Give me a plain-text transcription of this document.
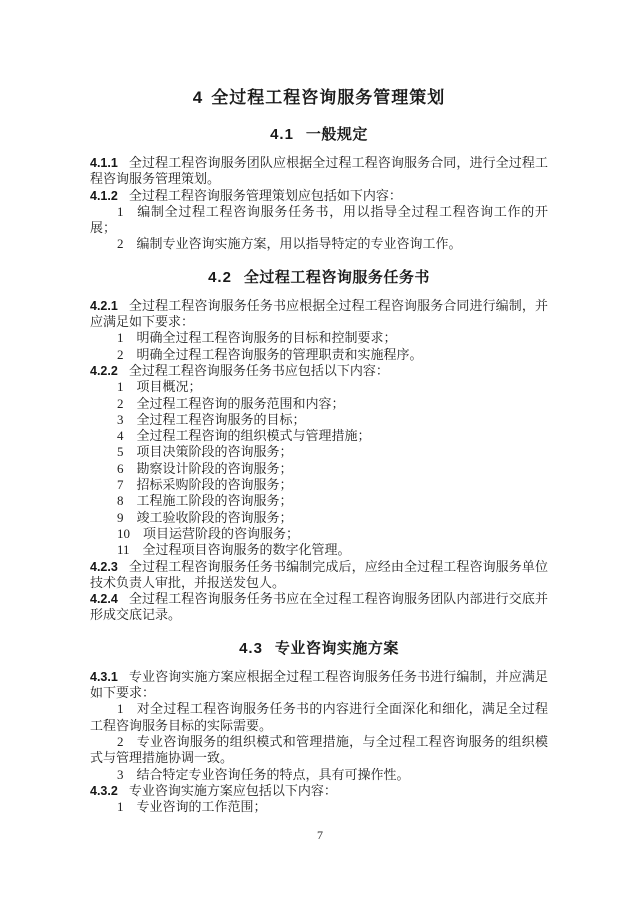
4 全过程工程咨询服务管理策划
4.1 一般规定

4.1.1 全过程工程咨询服务团队应根据全过程工程咨询服务合同，进行全过程工程咨询服务管理策划。

4.1.2 全过程工程咨询服务管理策划应包括如下内容：

1 编制全过程工程咨询服务任务书，用以指导全过程工程咨询工作的开展；

2 编制专业咨询实施方案，用以指导特定的专业咨询工作。

4.2 全过程工程咨询服务任务书

4.2.1 全过程工程咨询服务任务书应根据全过程工程咨询服务合同进行编制，并应满足如下要求：

1 明确全过程工程咨询服务的目标和控制要求；

2 明确全过程工程咨询服务的管理职责和实施程序。

4.2.2 全过程工程咨询服务任务书应包括以下内容：

1 项目概况；

2 全过程工程咨询的服务范围和内容；

3 全过程工程咨询服务的目标；

4 全过程工程咨询的组织模式与管理措施；

5 项目决策阶段的咨询服务；

6 勘察设计阶段的咨询服务；

7 招标采购阶段的咨询服务；

8 工程施工阶段的咨询服务；

9 竣工验收阶段的咨询服务；

10 项目运营阶段的咨询服务；

11 全过程项目咨询服务的数字化管理。

4.2.3 全过程工程咨询服务任务书编制完成后，应经由全过程工程咨询服务单位技术负责人审批，并报送发包人。

4.2.4 全过程工程咨询服务任务书应在全过程工程咨询服务团队内部进行交底并形成交底记录。

4.3 专业咨询实施方案

4.3.1 专业咨询实施方案应根据全过程工程咨询服务任务书进行编制，并应满足如下要求：

1 对全过程工程咨询服务任务书的内容进行全面深化和细化，满足全过程工程咨询服务目标的实际需要。

2 专业咨询服务的组织模式和管理措施，与全过程工程咨询服务的组织模式与管理措施协调一致。

3 结合特定专业咨询任务的特点，具有可操作性。

4.3.2 专业咨询实施方案应包括以下内容：

1 专业咨询的工作范围；

7
